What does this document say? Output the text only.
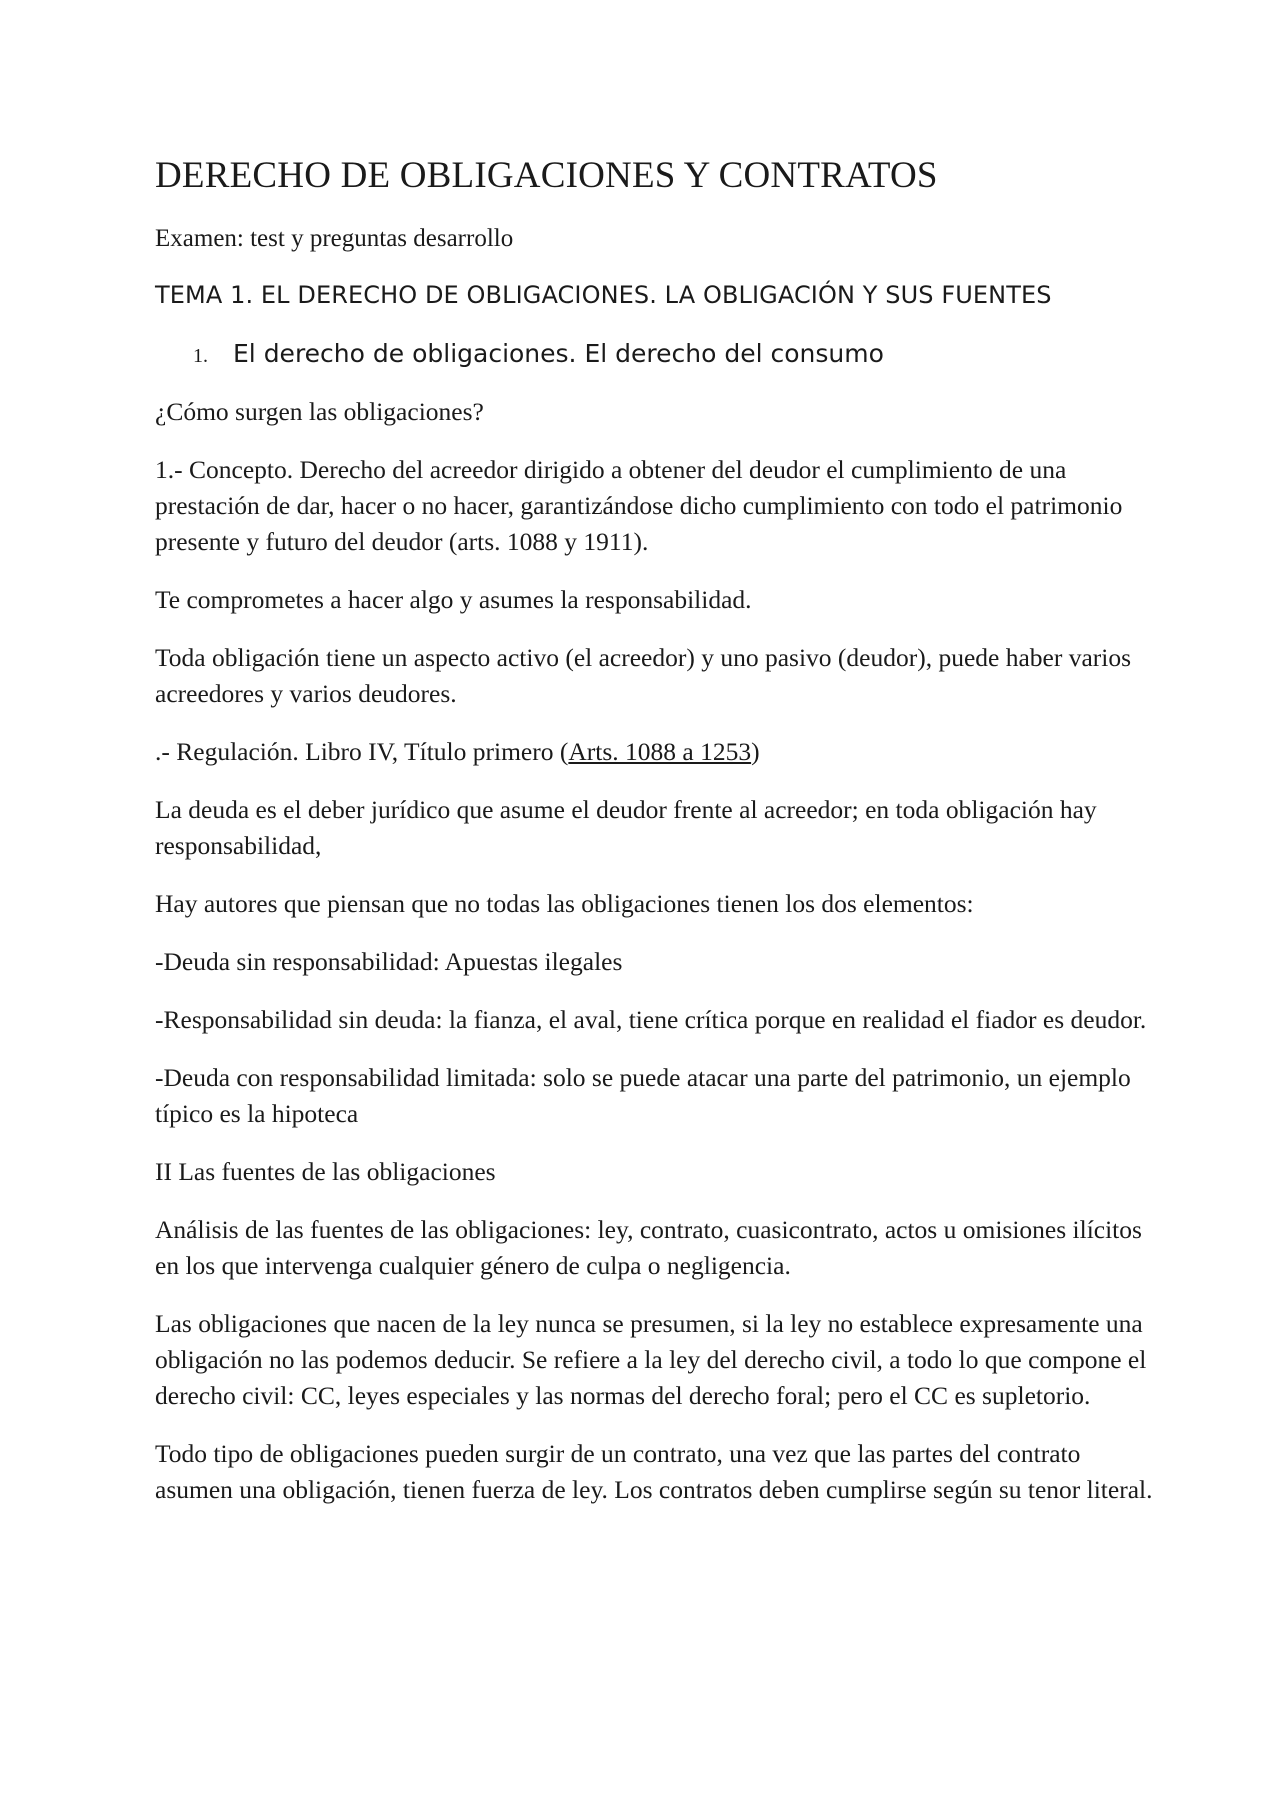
DERECHO DE OBLIGACIONES Y CONTRATOS
Examen: test y preguntas desarrollo
TEMA 1. EL DERECHO DE OBLIGACIONES. LA OBLIGACIÓN Y SUS FUENTES
1.	El derecho de obligaciones. El derecho del consumo

¿Cómo surgen las obligaciones?

1.- Concepto. Derecho del acreedor dirigido a obtener del deudor el cumplimiento de una prestación de dar, hacer o no hacer, garantizándose dicho cumplimiento con todo el patrimonio presente y futuro del deudor (arts. 1088 y 1911).

Te comprometes a hacer algo y asumes la responsabilidad.

Toda obligación tiene un aspecto activo (el acreedor) y uno pasivo (deudor), puede haber varios acreedores y varios deudores.

.- Regulación. Libro IV, Título primero (Arts. 1088 a 1253)

La deuda es el deber jurídico que asume el deudor frente al acreedor; en toda obligación hay responsabilidad,

Hay autores que piensan que no todas las obligaciones tienen los dos elementos:

-Deuda sin responsabilidad: Apuestas ilegales

-Responsabilidad sin deuda: la fianza, el aval, tiene crítica porque en realidad el fiador es deudor.

-Deuda con responsabilidad limitada: solo se puede atacar una parte del patrimonio, un ejemplo típico es la hipoteca

II Las fuentes de las obligaciones

Análisis de las fuentes de las obligaciones: ley, contrato, cuasicontrato, actos u omisiones ilícitos en los que intervenga cualquier género de culpa o negligencia.

Las obligaciones que nacen de la ley nunca se presumen, si la ley no establece expresamente una obligación no las podemos deducir. Se refiere a la ley del derecho civil, a todo lo que compone el derecho civil: CC, leyes especiales y las normas del derecho foral; pero el CC es supletorio.

Todo tipo de obligaciones pueden surgir de un contrato, una vez que las partes del contrato asumen una obligación, tienen fuerza de ley. Los contratos deben cumplirse según su tenor literal.
